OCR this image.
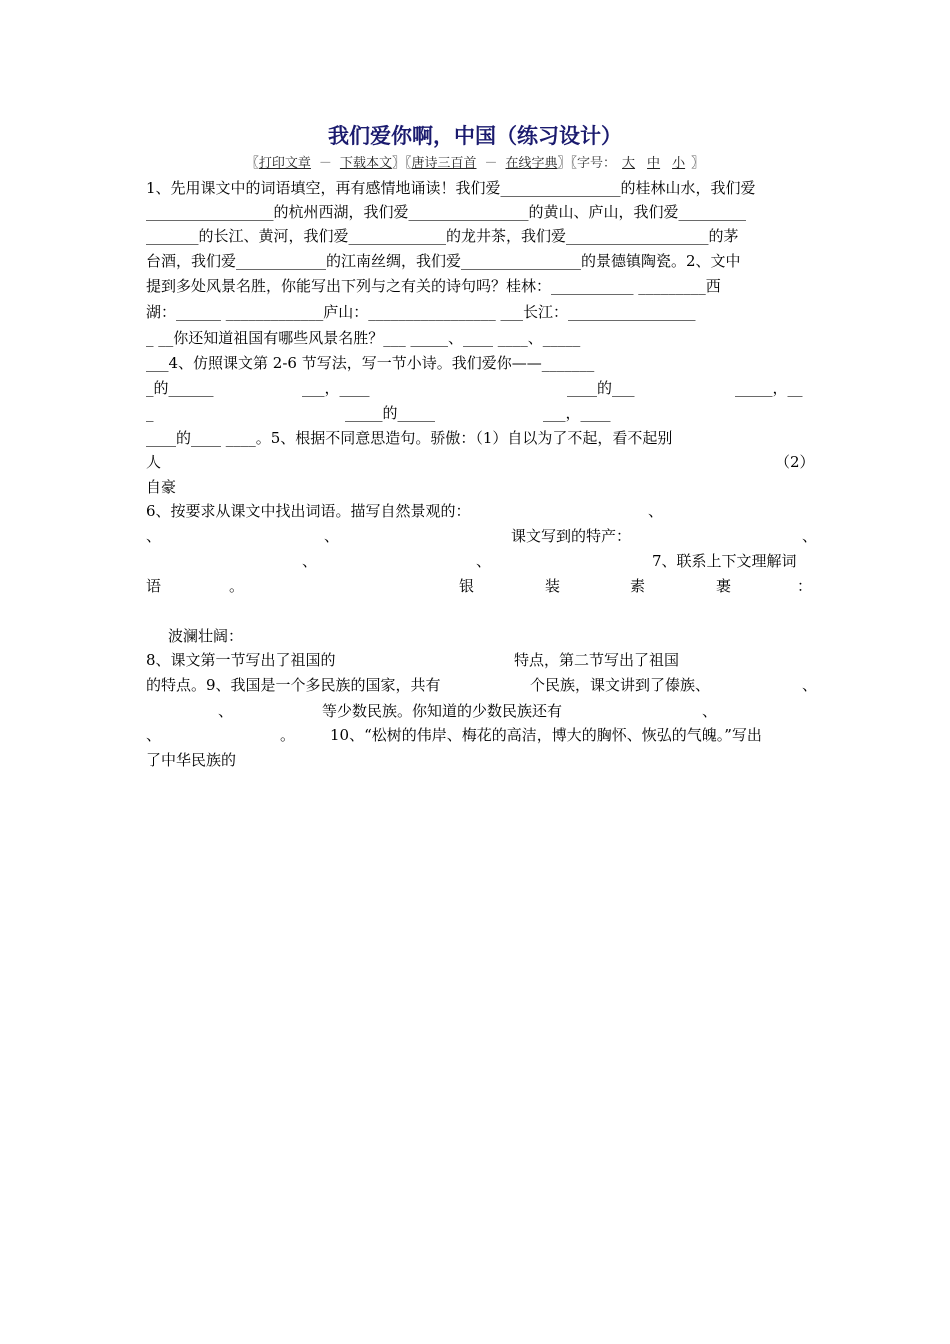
我们爱你啊，中国（练习设计）
〖打印文章 － 下载本文〗〖唐诗三百首 － 在线字典〗〖字号： 大 中 小 〗
1、先用课文中的词语填空，再有感情地诵读！我们爱________________的桂林山水，我们爱
_________________的杭州西湖，我们爱________________的黄山、庐山，我们爱_________
_______的长江、黄河，我们爱_____________的龙井茶，我们爱___________________的茅
台酒，我们爱____________的江南丝绸，我们爱________________的景德镇陶瓷。2、文中
提到多处风景名胜，你能写出下列与之有关的诗句吗？桂林：___________ _________西
湖：______ _____________庐山：_________________ ___长江：_________________
_ __你还知道祖国有哪些风景名胜？___ _____、____ ____、_____
___4、仿照课文第 2-6 节写法，写一节小诗。我们爱你——_______
_的______	___，____	____的___	_____，__
_	_____的_____	___，____
____的____ ____。5、根据不同意思造句。骄傲：（1）自以为了不起，看不起别
人	（2）
自豪
6、按要求从课文中找出词语。描写自然景观的：	、
、	、	课文写到的特产：	、
、	、	7、联系上下文理解词
语	。	银	装	素	裹	：
波澜壮阔：
8、课文第一节写出了祖国的	特点，第二节写出了祖国
的特点。9、我国是一个多民族的国家，共有	个民族，课文讲到了傣族、	、
、	等少数民族。你知道的少数民族还有	、
、	。 10、“松树的伟岸、梅花的高洁，博大的胸怀、恢弘的气魄。”写出
了中华民族的
